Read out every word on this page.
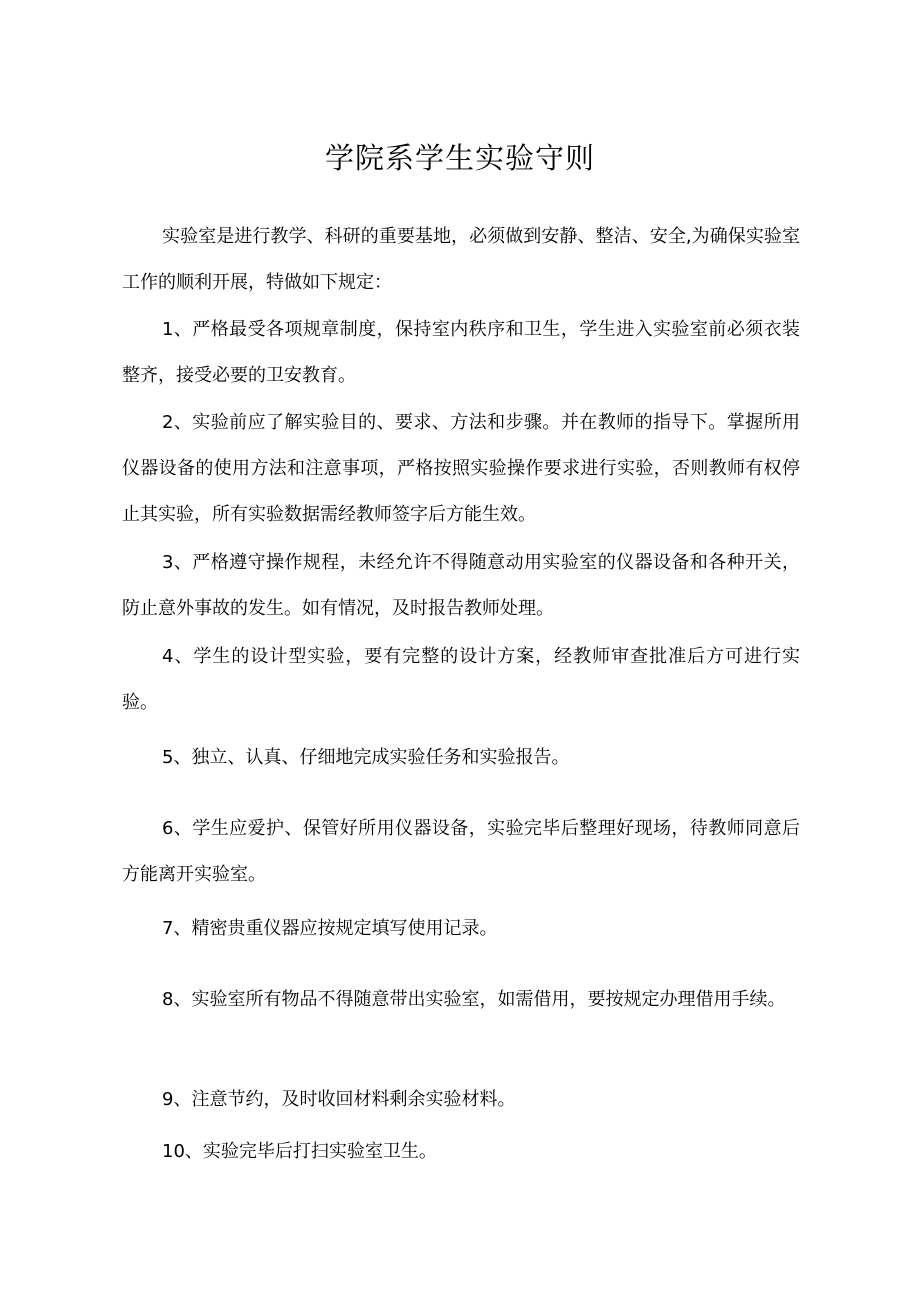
学院系学生实验守则

实验室是进行教学、科研的重要基地，必须做到安静、整洁、安全,为确保实验室工作的顺利开展，特做如下规定：

1、严格最受各项规章制度，保持室内秩序和卫生，学生进入实验室前必须衣装整齐，接受必要的卫安教育。

2、实验前应了解实验目的、要求、方法和步骤。并在教师的指导下。掌握所用仪器设备的使用方法和注意事项，严格按照实验操作要求进行实验，否则教师有权停止其实验，所有实验数据需经教师签字后方能生效。

3、严格遵守操作规程，未经允许不得随意动用实验室的仪器设备和各种开关，防止意外事故的发生。如有情况，及时报告教师处理。

4、学生的设计型实验，要有完整的设计方案，经教师审查批准后方可进行实验。

5、独立、认真、仔细地完成实验任务和实验报告。

6、学生应爱护、保管好所用仪器设备，实验完毕后整理好现场，待教师同意后方能离开实验室。

7、精密贵重仪器应按规定填写使用记录。

8、实验室所有物品不得随意带出实验室，如需借用，要按规定办理借用手续。

9、注意节约，及时收回材料剩余实验材料。

10、实验完毕后打扫实验室卫生。
